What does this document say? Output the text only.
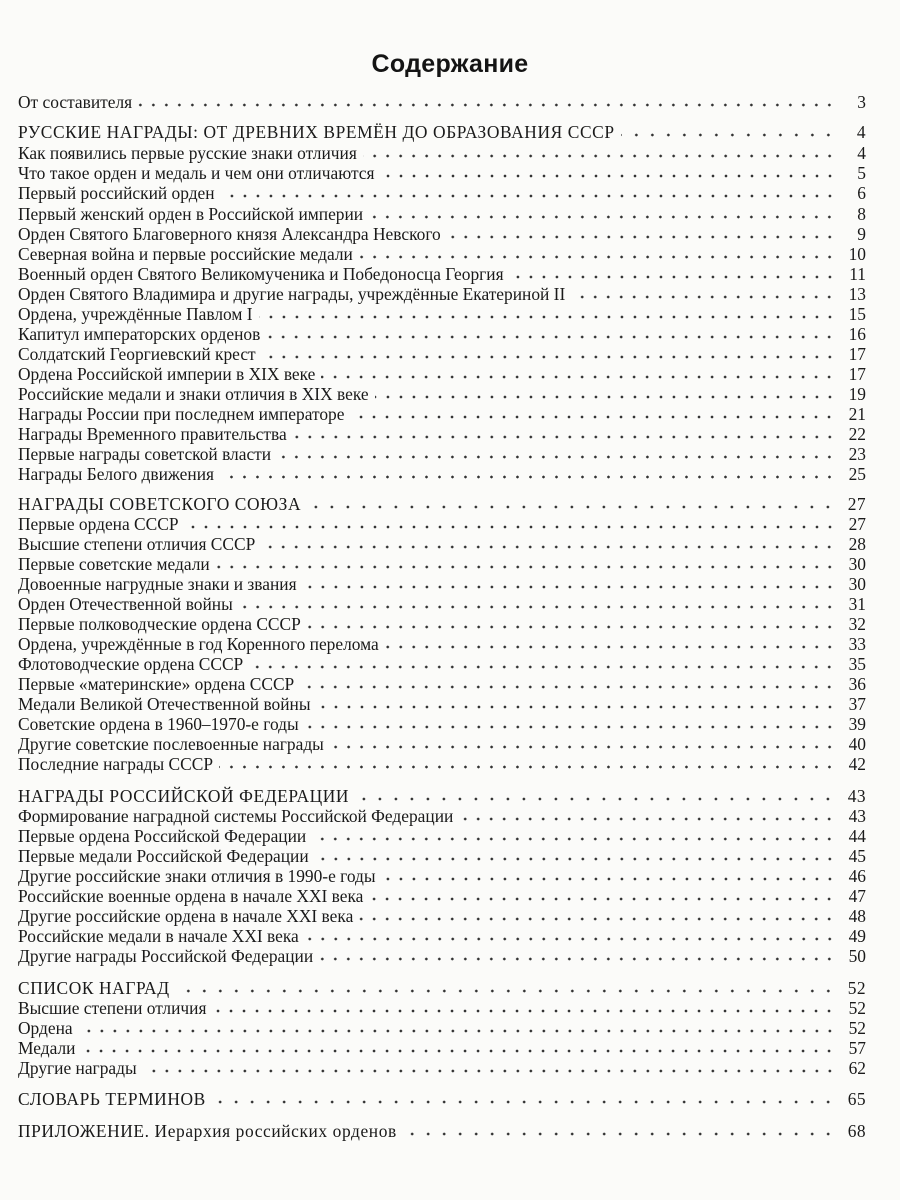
Содержание
От составителя	3
РУССКИЕ НАГРАДЫ: ОТ ДРЕВНИХ ВРЕМЁН ДО ОБРАЗОВАНИЯ СССР	4
Как появились первые русские знаки отличия	4
Что такое орден и медаль и чем они отличаются	5
Первый российский орден	6
Первый женский орден в Российской империи	8
Орден Святого Благоверного князя Александра Невского	9
Северная война и первые российские медали	10
Военный орден Святого Великомученика и Победоносца Георгия	11
Орден Святого Владимира и другие награды, учреждённые Екатериной II	13
Ордена, учреждённые Павлом I	15
Капитул императорских орденов	16
Солдатский Георгиевский крест	17
Ордена Российской империи в XIX веке	17
Российские медали и знаки отличия в XIX веке	19
Награды России при последнем императоре	21
Награды Временного правительства	22
Первые награды советской власти	23
Награды Белого движения	25
НАГРАДЫ СОВЕТСКОГО СОЮЗА	27
Первые ордена СССР	27
Высшие степени отличия СССР	28
Первые советские медали	30
Довоенные нагрудные знаки и звания	30
Орден Отечественной войны	31
Первые полководческие ордена СССР	32
Ордена, учреждённые в год Коренного перелома	33
Флотоводческие ордена СССР	35
Первые «материнские» ордена СССР	36
Медали Великой Отечественной войны	37
Советские ордена в 1960–1970-е годы	39
Другие советские послевоенные награды	40
Последние награды СССР	42
НАГРАДЫ РОССИЙСКОЙ ФЕДЕРАЦИИ	43
Формирование наградной системы Российской Федерации	43
Первые ордена Российской Федерации	44
Первые медали Российской Федерации	45
Другие российские знаки отличия в 1990-е годы	46
Российские военные ордена в начале XXI века	47
Другие российские ордена в начале XXI века	48
Российские медали в начале XXI века	49
Другие награды Российской Федерации	50
СПИСОК НАГРАД	52
Высшие степени отличия	52
Ордена	52
Медали	57
Другие награды	62
СЛОВАРЬ ТЕРМИНОВ	65
ПРИЛОЖЕНИЕ. Иерархия российских орденов	68
